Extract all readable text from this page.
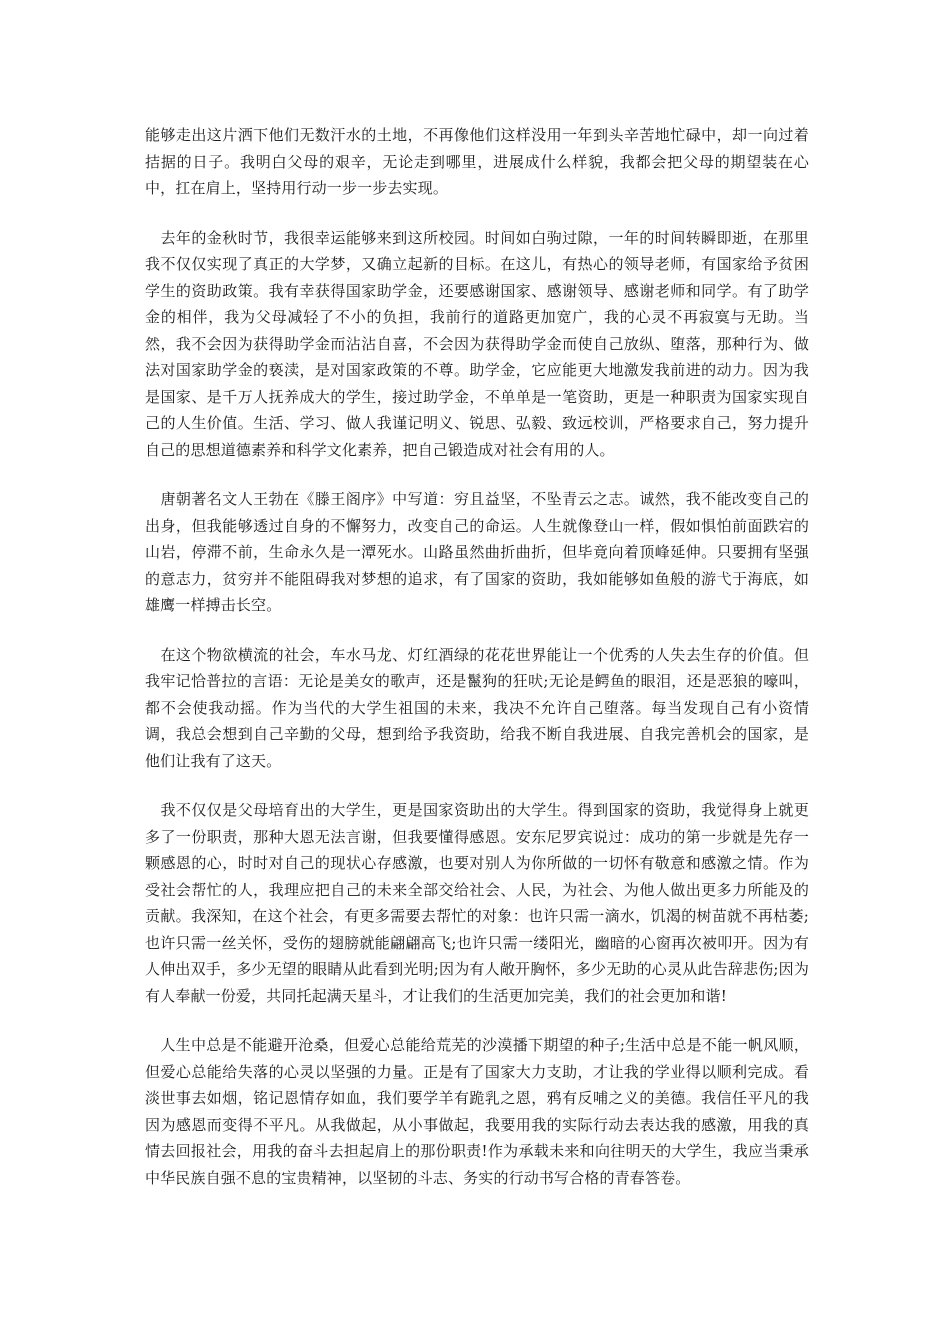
能够走出这片洒下他们无数汗水的土地，不再像他们这样没用一年到头辛苦地忙碌中，却一向过着拮据的日子。我明白父母的艰辛，无论走到哪里，进展成什么样貌，我都会把父母的期望装在心中，扛在肩上，坚持用行动一步一步去实现。

　去年的金秋时节，我很幸运能够来到这所校园。时间如白驹过隙，一年的时间转瞬即逝，在那里我不仅仅实现了真正的大学梦，又确立起新的目标。在这儿，有热心的领导老师，有国家给予贫困学生的资助政策。我有幸获得国家助学金，还要感谢国家、感谢领导、感谢老师和同学。有了助学金的相伴，我为父母减轻了不小的负担，我前行的道路更加宽广，我的心灵不再寂寞与无助。当然，我不会因为获得助学金而沾沾自喜，不会因为获得助学金而使自己放纵、堕落，那种行为、做法对国家助学金的亵渎，是对国家政策的不尊。助学金，它应能更大地激发我前进的动力。因为我是国家、是千万人抚养成大的学生，接过助学金，不单单是一笔资助，更是一种职责为国家实现自己的人生价值。生活、学习、做人我谨记明义、锐思、弘毅、致远校训，严格要求自己，努力提升自己的思想道德素养和科学文化素养，把自己锻造成对社会有用的人。

　唐朝著名文人王勃在《滕王阁序》中写道：穷且益坚，不坠青云之志。诚然，我不能改变自己的出身，但我能够透过自身的不懈努力，改变自己的命运。人生就像登山一样，假如惧怕前面跌宕的山岩，停滞不前，生命永久是一潭死水。山路虽然曲折曲折，但毕竟向着顶峰延伸。只要拥有坚强的意志力，贫穷并不能阻碍我对梦想的追求，有了国家的资助，我如能够如鱼般的游弋于海底，如雄鹰一样搏击长空。

　在这个物欲横流的社会，车水马龙、灯红酒绿的花花世界能让一个优秀的人失去生存的价值。但我牢记恰普拉的言语：无论是美女的歌声，还是鬣狗的狂吠;无论是鳄鱼的眼泪，还是恶狼的嚎叫，都不会使我动摇。作为当代的大学生祖国的未来，我决不允许自己堕落。每当发现自己有小资情调，我总会想到自己辛勤的父母，想到给予我资助，给我不断自我进展、自我完善机会的国家，是他们让我有了这天。

　我不仅仅是父母培育出的大学生，更是国家资助出的大学生。得到国家的资助，我觉得身上就更多了一份职责，那种大恩无法言谢，但我要懂得感恩。安东尼罗宾说过：成功的第一步就是先存一颗感恩的心，时时对自己的现状心存感激，也要对别人为你所做的一切怀有敬意和感激之情。作为受社会帮忙的人，我理应把自己的未来全部交给社会、人民，为社会、为他人做出更多力所能及的贡献。我深知，在这个社会，有更多需要去帮忙的对象：也许只需一滴水，饥渴的树苗就不再枯萎;也许只需一丝关怀，受伤的翅膀就能翩翩高飞;也许只需一缕阳光，幽暗的心窗再次被叩开。因为有人伸出双手，多少无望的眼睛从此看到光明;因为有人敞开胸怀，多少无助的心灵从此告辞悲伤;因为有人奉献一份爱，共同托起满天星斗，才让我们的生活更加完美，我们的社会更加和谐!

　人生中总是不能避开沧桑，但爱心总能给荒芜的沙漠播下期望的种子;生活中总是不能一帆风顺，但爱心总能给失落的心灵以坚强的力量。正是有了国家大力支助，才让我的学业得以顺利完成。看淡世事去如烟，铭记恩情存如血，我们要学羊有跪乳之恩，鸦有反哺之义的美德。我信任平凡的我因为感恩而变得不平凡。从我做起，从小事做起，我要用我的实际行动去表达我的感激，用我的真情去回报社会，用我的奋斗去担起肩上的那份职责!作为承载未来和向往明天的大学生，我应当秉承中华民族自强不息的宝贵精神，以坚韧的斗志、务实的行动书写合格的青春答卷。
